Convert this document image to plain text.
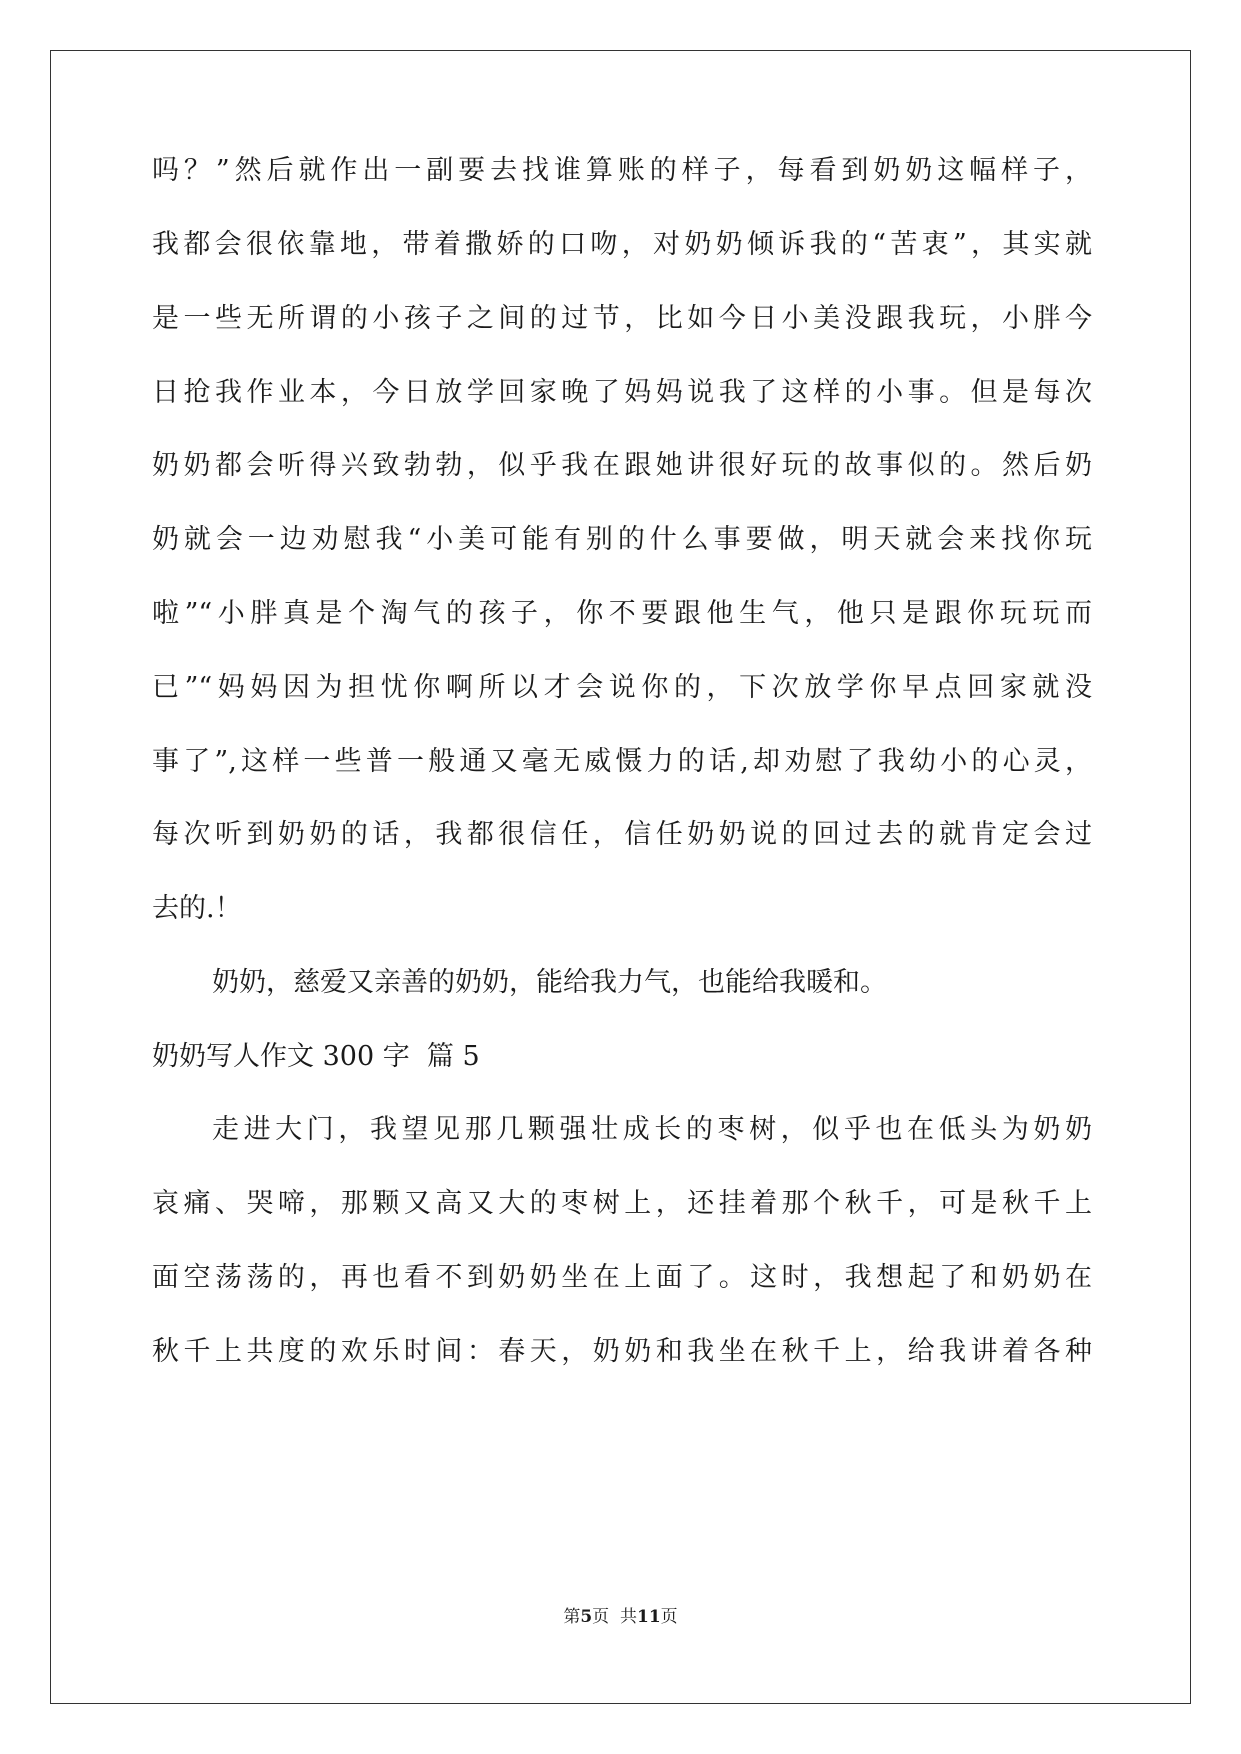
吗？”然后就作出一副要去找谁算账的样子，每看到奶奶这幅样子，
我都会很依靠地，带着撒娇的口吻，对奶奶倾诉我的“苦衷”，其实就
是一些无所谓的小孩子之间的过节，比如今日小美没跟我玩，小胖今
日抢我作业本，今日放学回家晚了妈妈说我了这样的小事。但是每次
奶奶都会听得兴致勃勃，似乎我在跟她讲很好玩的故事似的。然后奶
奶就会一边劝慰我“小美可能有别的什么事要做，明天就会来找你玩
啦”“小胖真是个淘气的孩子，你不要跟他生气，他只是跟你玩玩而
已”“妈妈因为担忧你啊所以才会说你的，下次放学你早点回家就没
事了”,这样一些普一般通又毫无威慑力的话,却劝慰了我幼小的心灵，
每次听到奶奶的话，我都很信任，信任奶奶说的回过去的就肯定会过
去的.！
奶奶，慈爱又亲善的奶奶，能给我力气，也能给我暖和。
奶奶写人作文 300 字  篇 5
走进大门，我望见那几颗强壮成长的枣树，似乎也在低头为奶奶
哀痛、哭啼，那颗又高又大的枣树上，还挂着那个秋千，可是秋千上
面空荡荡的，再也看不到奶奶坐在上面了。这时，我想起了和奶奶在
秋千上共度的欢乐时间：春天，奶奶和我坐在秋千上，给我讲着各种
第5页  共11页
